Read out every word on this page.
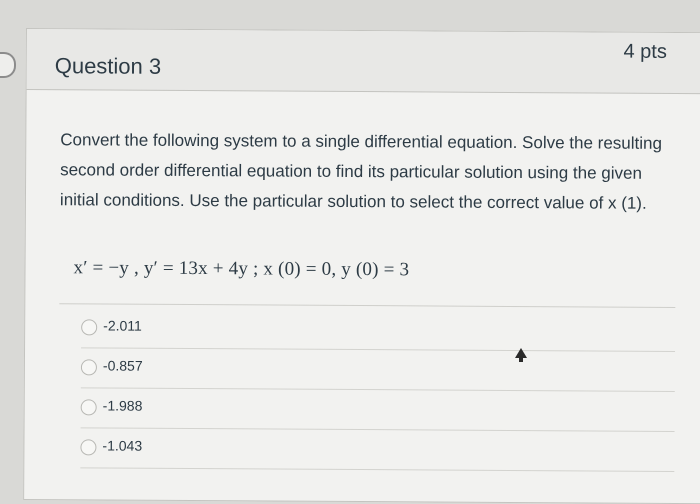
Question 3
4 pts
Convert the following system to a single differential equation. Solve the resulting second order differential equation to find its particular solution using the given initial conditions. Use the particular solution to select the correct value of x (1).
x′ = −y , y′ = 13x + 4y ; x (0) = 0, y (0) = 3
-2.011
-0.857
-1.988
-1.043
